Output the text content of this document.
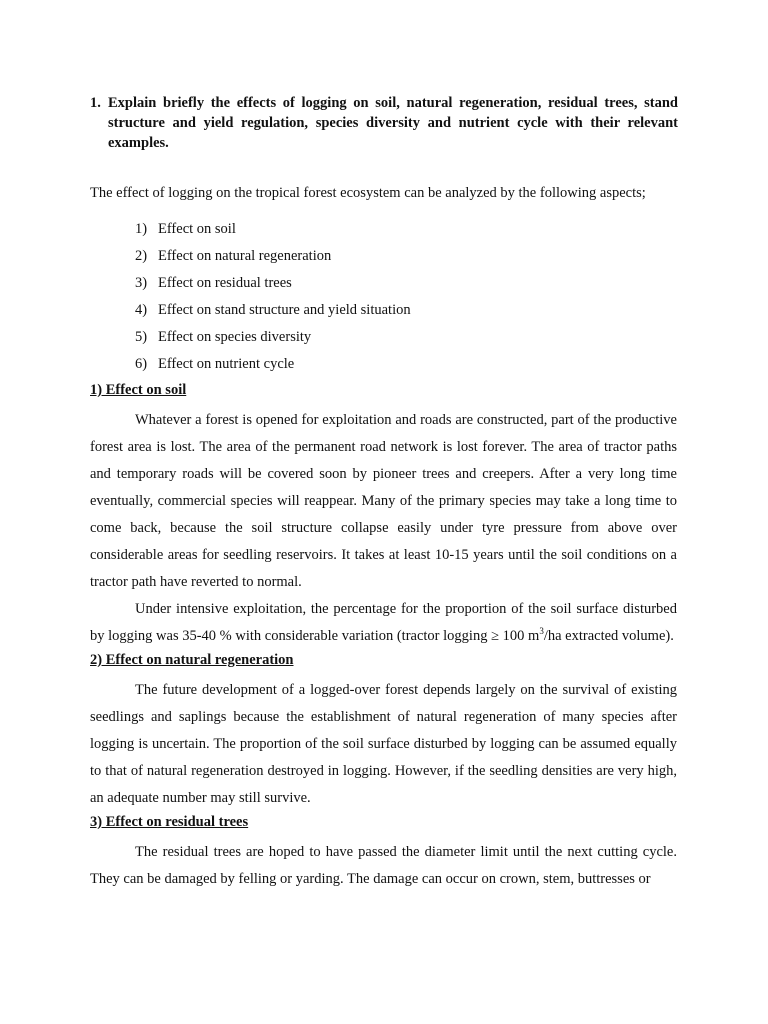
1. Explain briefly the effects of logging on soil, natural regeneration, residual trees, stand structure and yield regulation, species diversity and nutrient cycle with their relevant examples.
The effect of logging on the tropical forest ecosystem can be analyzed by the following aspects;
1) Effect on soil
2) Effect on natural regeneration
3) Effect on residual trees
4) Effect on stand structure and yield situation
5) Effect on species diversity
6) Effect on nutrient cycle
1) Effect on soil

Whatever a forest is opened for exploitation and roads are constructed, part of the productive forest area is lost. The area of the permanent road network is lost forever. The area of tractor paths and temporary roads will be covered soon by pioneer trees and creepers. After a very long time eventually, commercial species will reappear. Many of the primary species may take a long time to come back, because the soil structure collapse easily under tyre pressure from above over considerable areas for seedling reservoirs. It takes at least 10-15 years until the soil conditions on a tractor path have reverted to normal.

Under intensive exploitation, the percentage for the proportion of the soil surface disturbed by logging was 35-40 % with considerable variation (tractor logging ≥ 100 $m^3/ha$ extracted volume).

2) Effect on natural regeneration

The future development of a logged-over forest depends largely on the survival of existing seedlings and saplings because the establishment of natural regeneration of many species after logging is uncertain. The proportion of the soil surface disturbed by logging can be assumed equally to that of natural regeneration destroyed in logging. However, if the seedling densities are very high, an adequate number may still survive.

3) Effect on residual trees

The residual trees are hoped to have passed the diameter limit until the next cutting cycle. They can be damaged by felling or yarding. The damage can occur on crown, stem, buttresses or
